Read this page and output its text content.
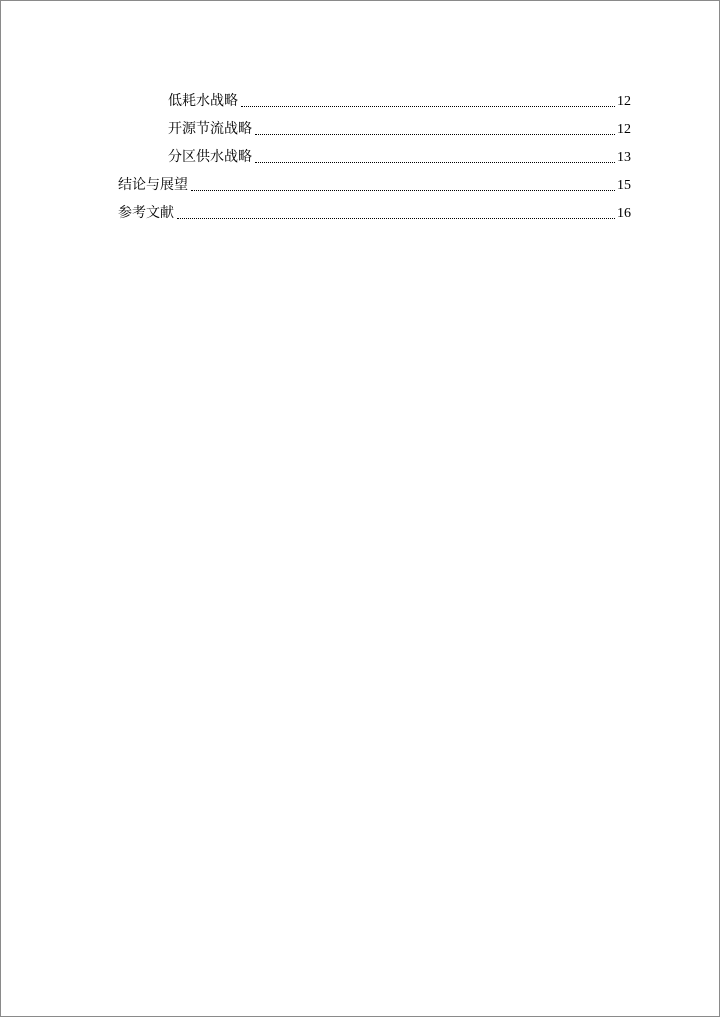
低耗水战略	12
开源节流战略	12
分区供水战略	13
结论与展望	15
参考文献	16
